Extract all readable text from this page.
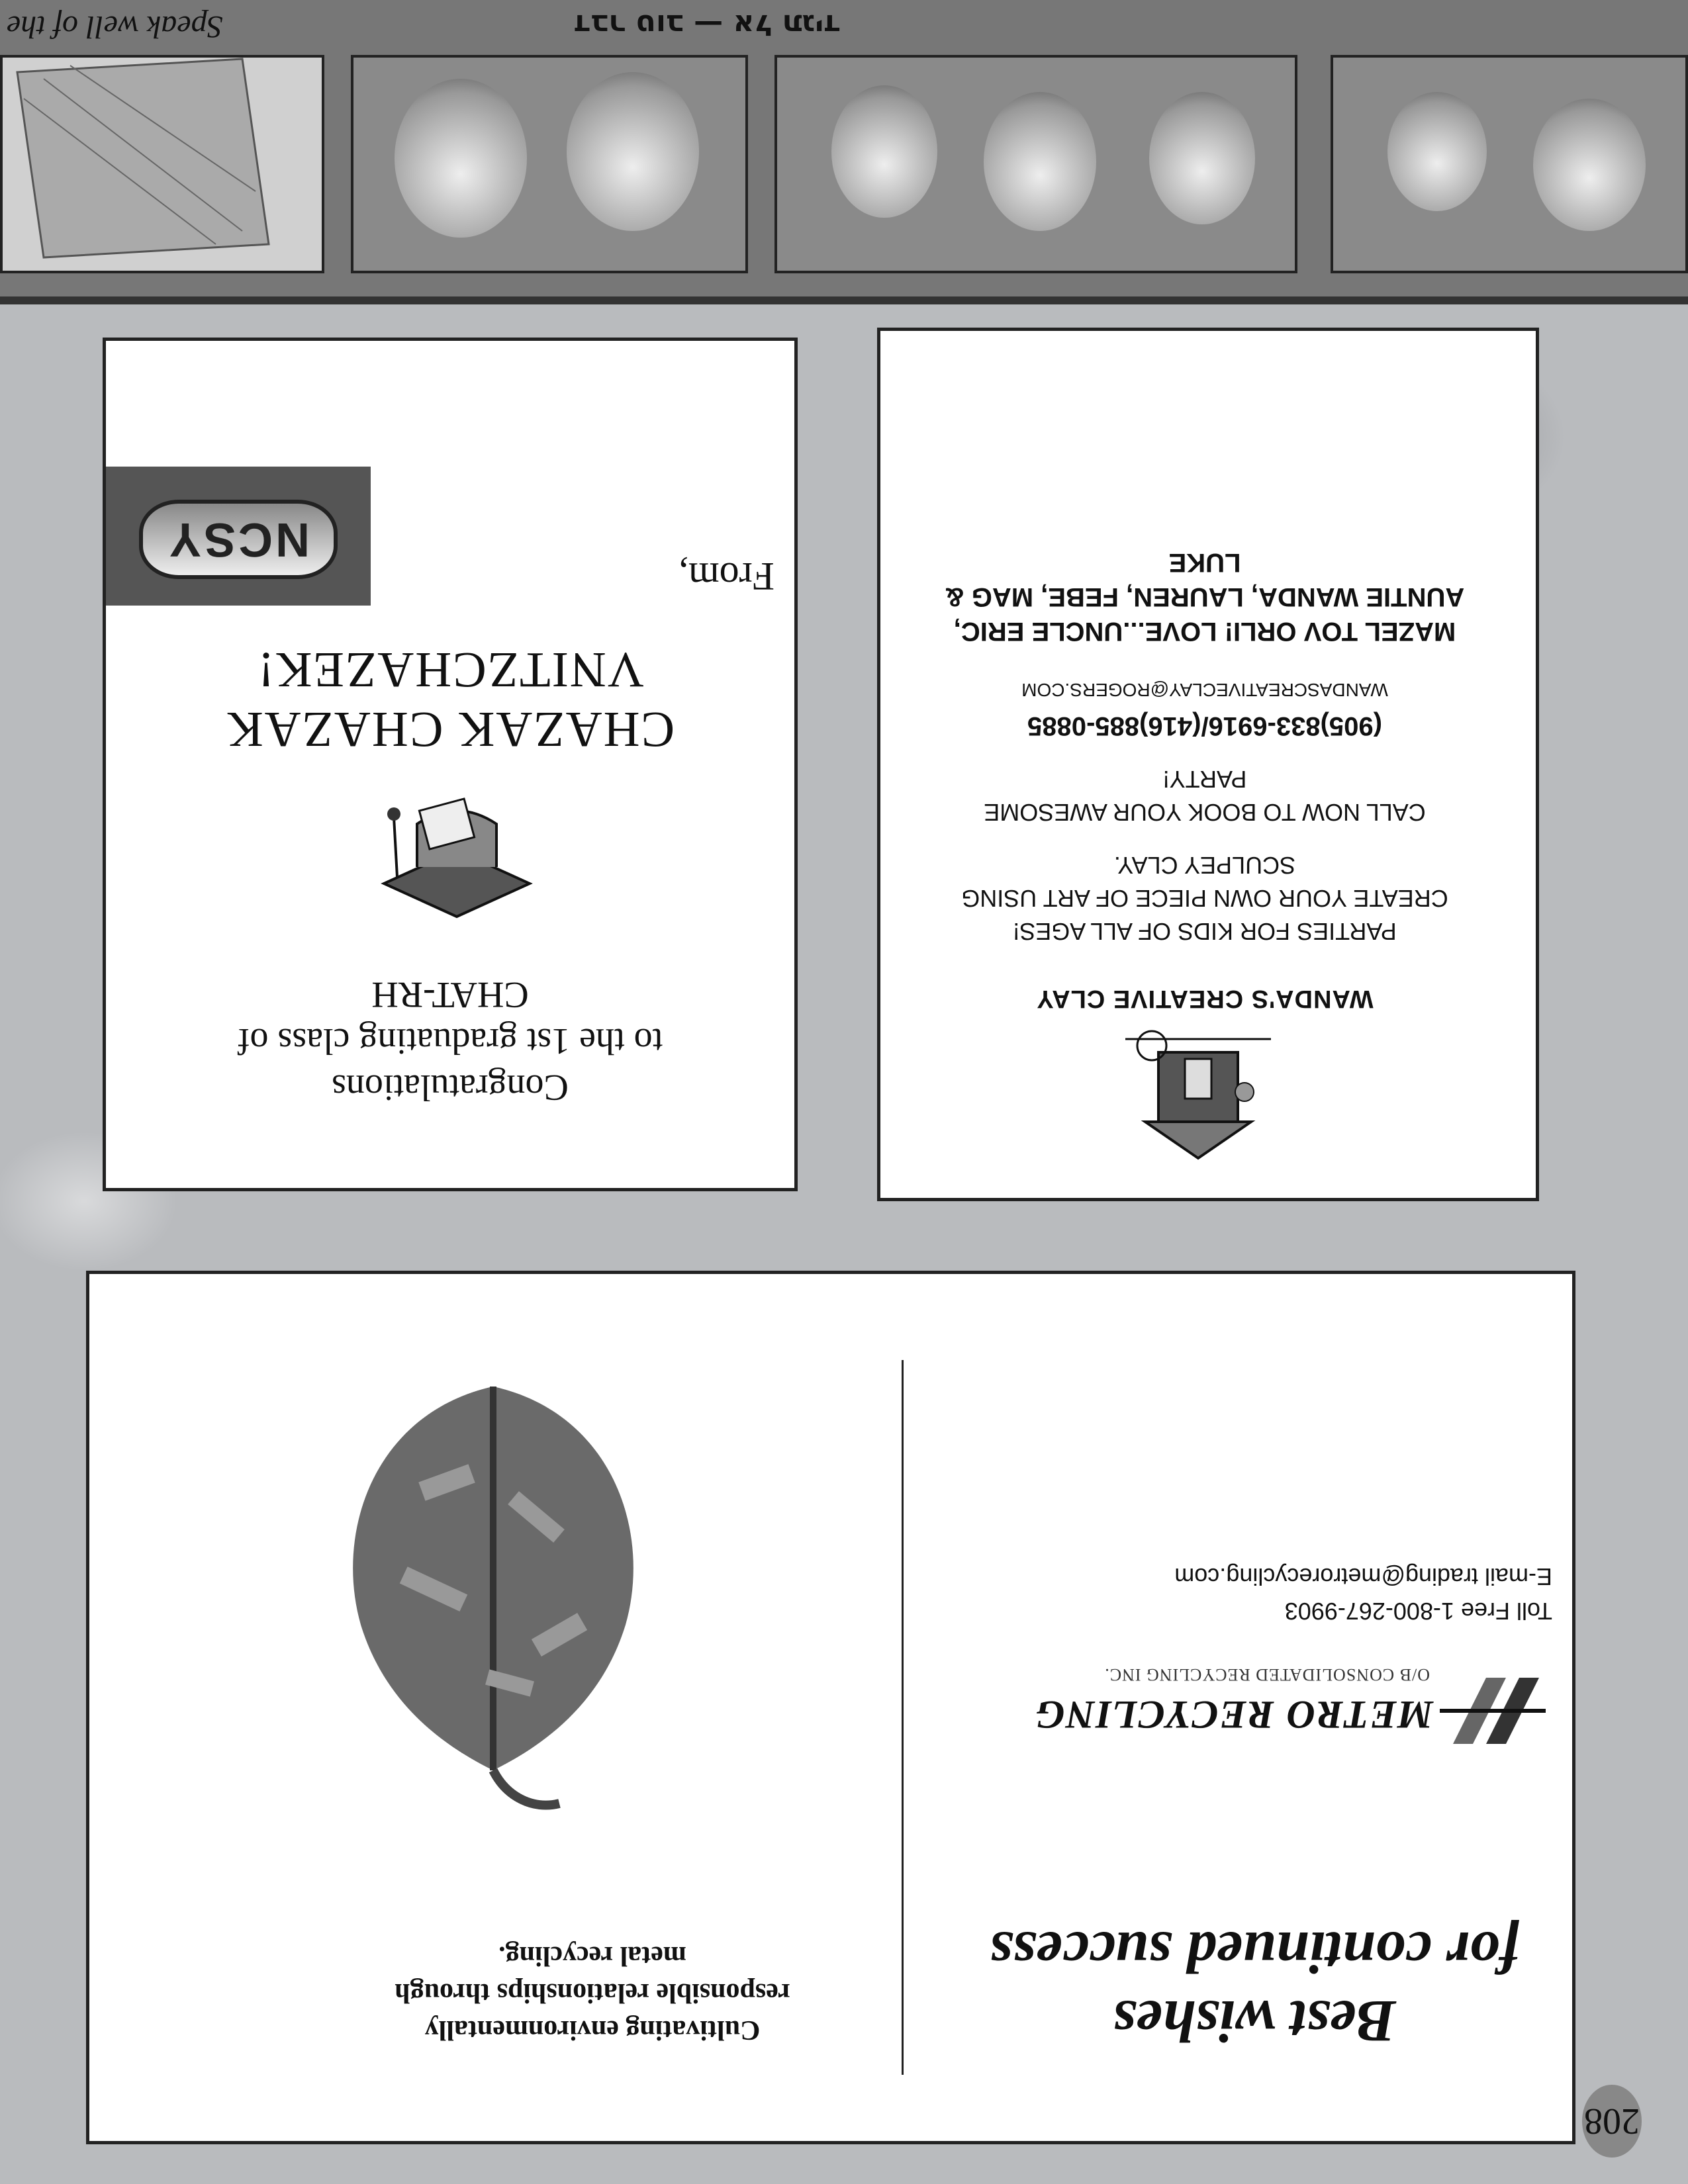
Best wishes
for continued success
METRO RECYCLING
O/B CONSOLIDATED RECYCLING INC.
Toll Free 1-800-267-9903
E-mail trading@metrorecycling.com
Cultivating environmentally
responsible relationships through
metal recycling.
WANDA'S CREATIVE CLAY
PARTIES FOR KIDS OF ALL AGES!
CREATE YOUR OWN PIECE OF ART USING
SCULPEY CLAY.
CALL NOW TO BOOK YOUR AWESOME
PARTY!
(905)833-6916/(416)885-0885
WANDASCREATIVECLAY@ROGERS.COM
MAZEL TOV ORLI! LOVE...UNCLE ERIC,
AUNTIE WANDA, LAUREN, FEBE, MAG &
LUKE
Congratulations
to the 1st graduating class of
CHAT-RH
CHAZAK CHAZAK
VNITZCHAZEK!
From,
NCSY
דבר טוב — אל תגיד
Speak well of the
208
